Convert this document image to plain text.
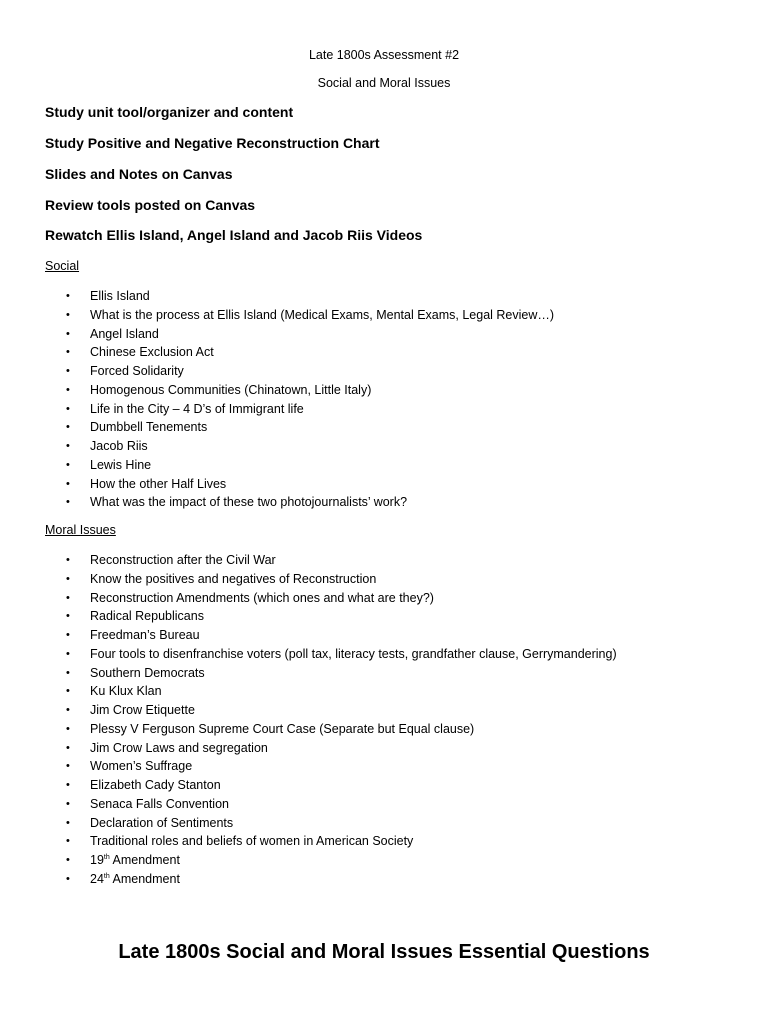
Late 1800s Assessment #2
Social and Moral Issues
Study unit tool/organizer and content
Study Positive and Negative Reconstruction Chart
Slides and Notes on Canvas
Review tools posted on Canvas
Rewatch Ellis Island, Angel Island and Jacob Riis Videos
Social
• Ellis Island
• What is the process at Ellis Island (Medical Exams, Mental Exams, Legal Review…)
• Angel Island
• Chinese Exclusion Act
• Forced Solidarity
• Homogenous Communities (Chinatown, Little Italy)
• Life in the City – 4 D’s of Immigrant life
• Dumbbell Tenements
• Jacob Riis
• Lewis Hine
• How the other Half Lives
• What was the impact of these two photojournalists’ work?
Moral Issues
• Reconstruction after the Civil War
• Know the positives and negatives of Reconstruction
• Reconstruction Amendments (which ones and what are they?)
• Radical Republicans
• Freedman’s Bureau
• Four tools to disenfranchise voters (poll tax, literacy tests, grandfather clause, Gerrymandering)
• Southern Democrats
• Ku Klux Klan
• Jim Crow Etiquette
• Plessy V Ferguson Supreme Court Case (Separate but Equal clause)
• Jim Crow Laws and segregation
• Women’s Suffrage
• Elizabeth Cady Stanton
• Senaca Falls Convention
• Declaration of Sentiments
• Traditional roles and beliefs of women in American Society
• 19th Amendment
• 24th Amendment
Late 1800s Social and Moral Issues Essential Questions
